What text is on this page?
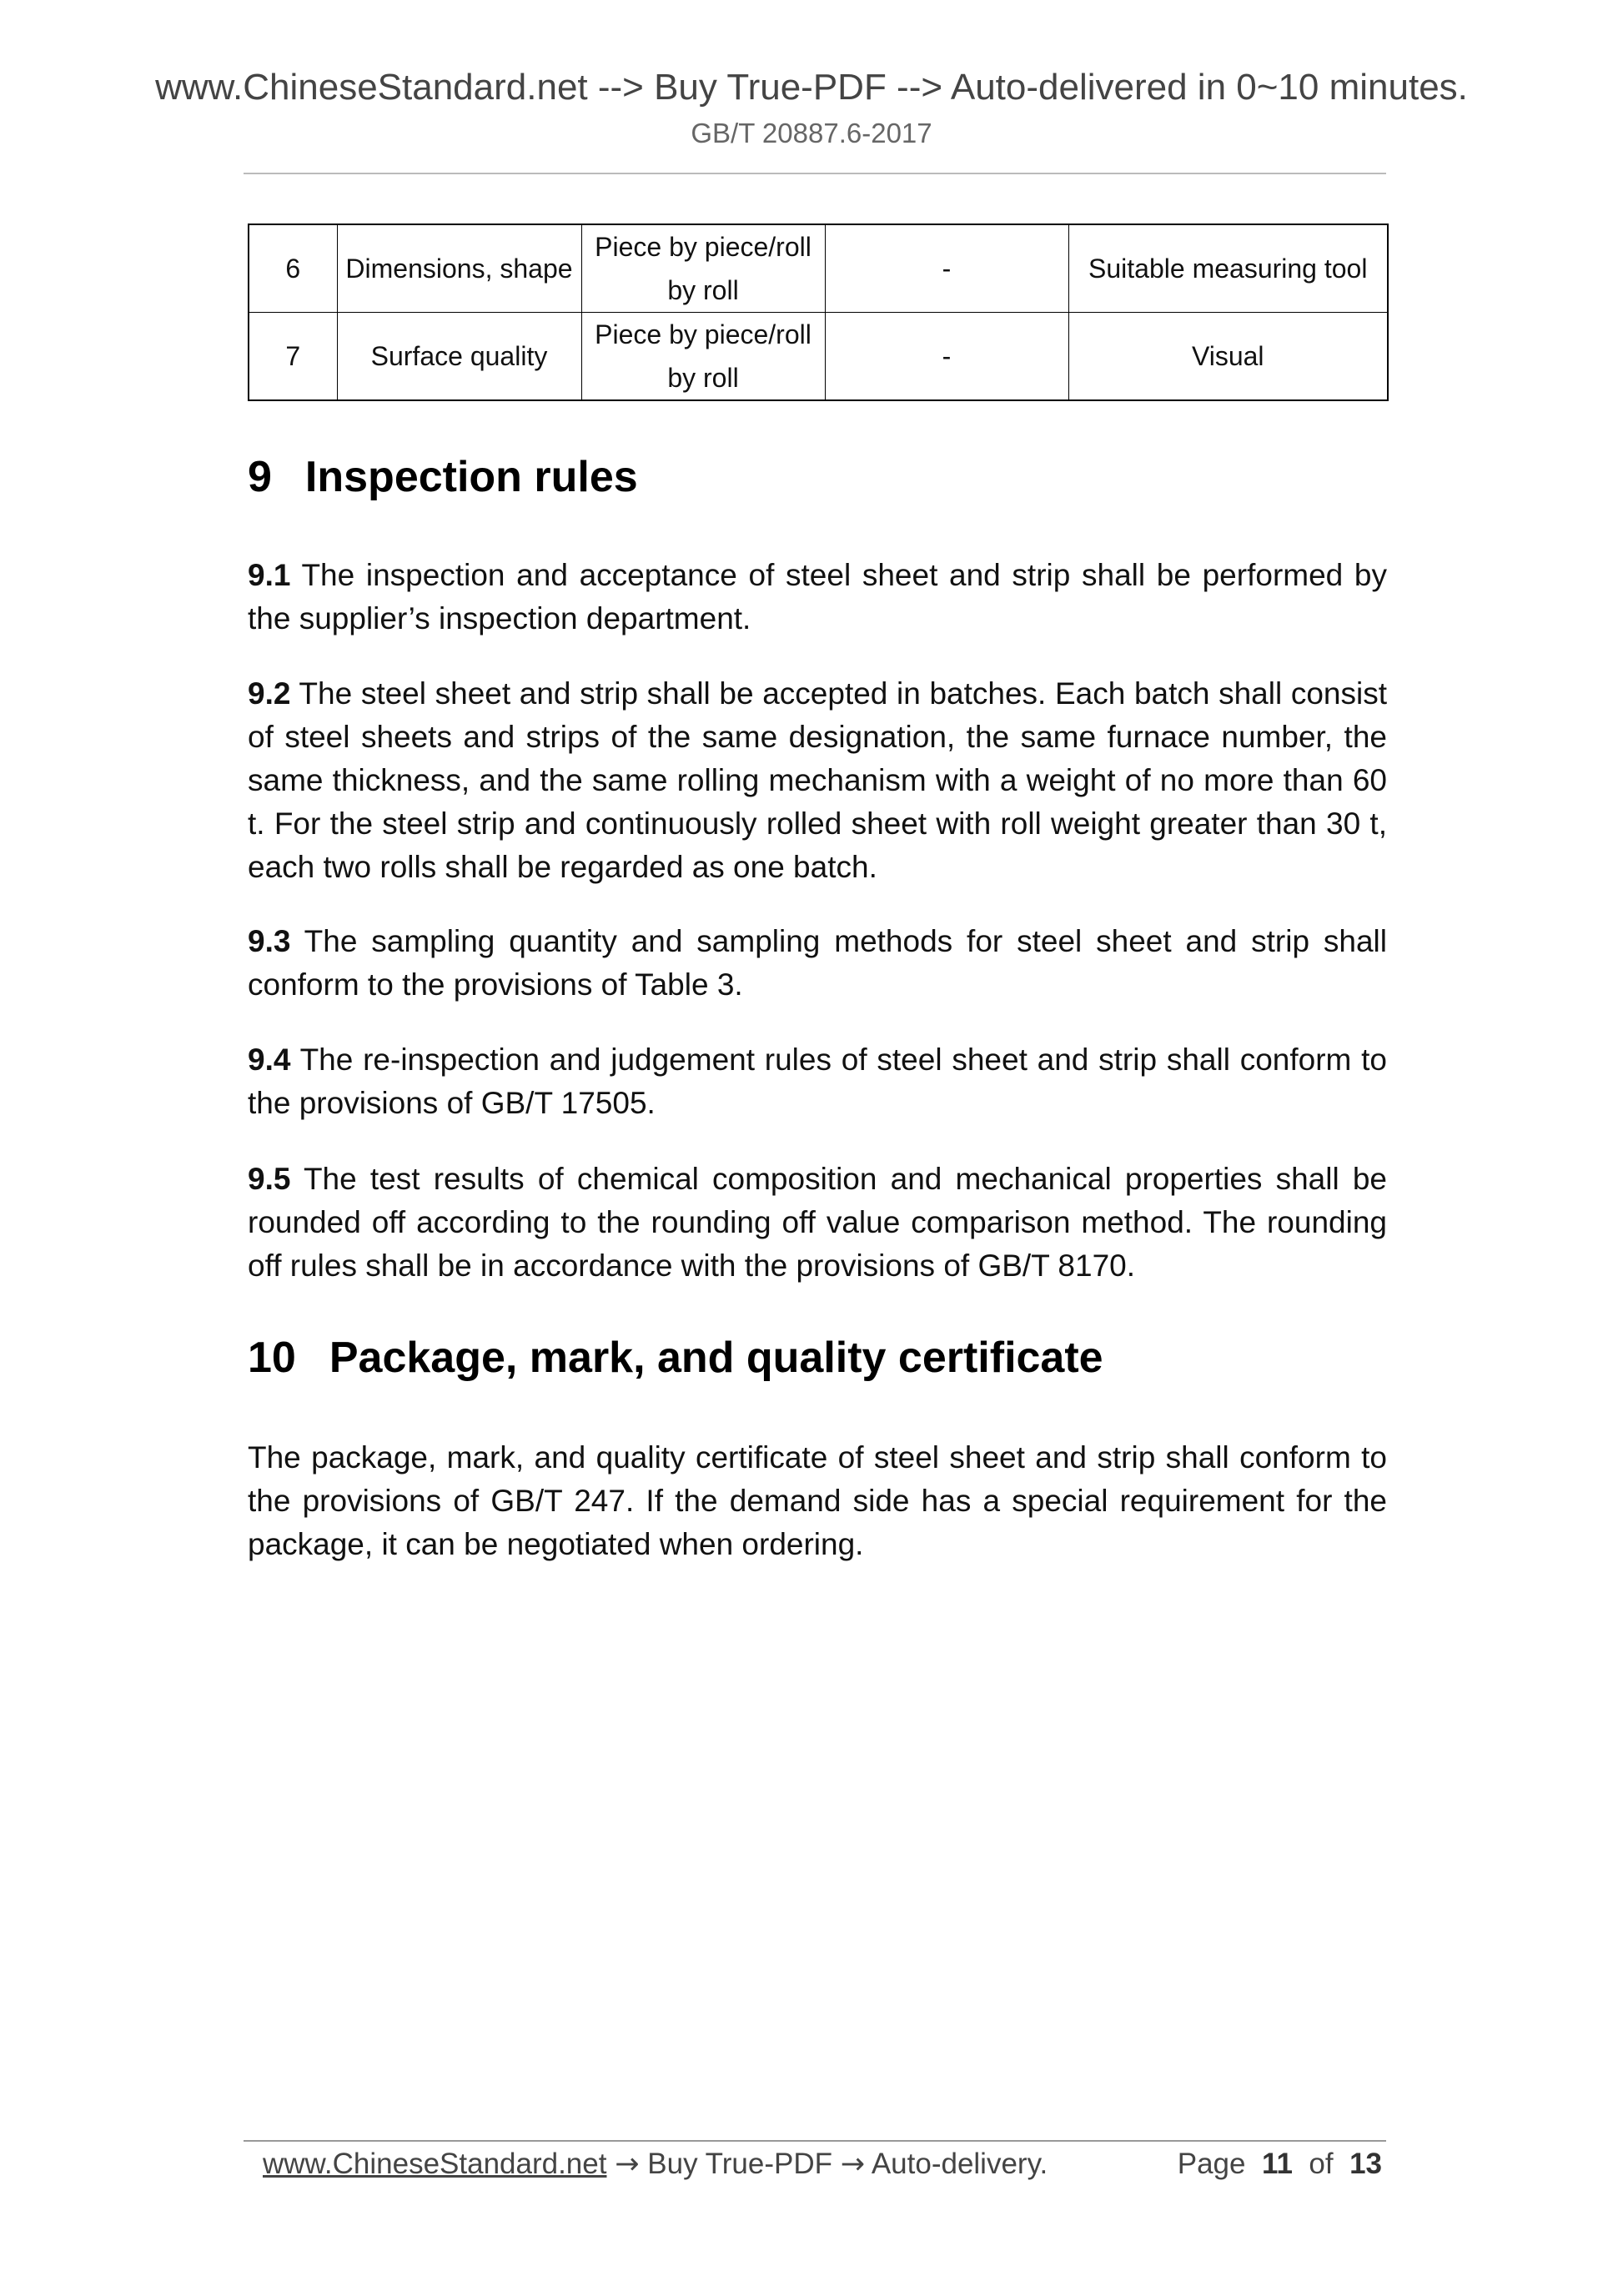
www.ChineseStandard.net --> Buy True-PDF --> Auto-delivered in 0~10 minutes.
GB/T 20887.6-2017
6	Dimensions, shape	Piece by piece/roll by roll	-	Suitable measuring tool
7	Surface quality	Piece by piece/roll by roll	-	Visual
9 Inspection rules

9.1 The inspection and acceptance of steel sheet and strip shall be performed by the supplier’s inspection department.

9.2 The steel sheet and strip shall be accepted in batches. Each batch shall consist of steel sheets and strips of the same designation, the same furnace number, the same thickness, and the same rolling mechanism with a weight of no more than 60 t. For the steel strip and continuously rolled sheet with roll weight greater than 30 t, each two rolls shall be regarded as one batch.

9.3 The sampling quantity and sampling methods for steel sheet and strip shall conform to the provisions of Table 3.

9.4 The re-inspection and judgement rules of steel sheet and strip shall conform to the provisions of GB/T 17505.

9.5 The test results of chemical composition and mechanical properties shall be rounded off according to the rounding off value comparison method. The rounding off rules shall be in accordance with the provisions of GB/T 8170.

10 Package, mark, and quality certificate

The package, mark, and quality certificate of steel sheet and strip shall conform to the provisions of GB/T 247. If the demand side has a special requirement for the package, it can be negotiated when ordering.

www.ChineseStandard.net → Buy True-PDF → Auto-delivery.	Page 11 of 13
